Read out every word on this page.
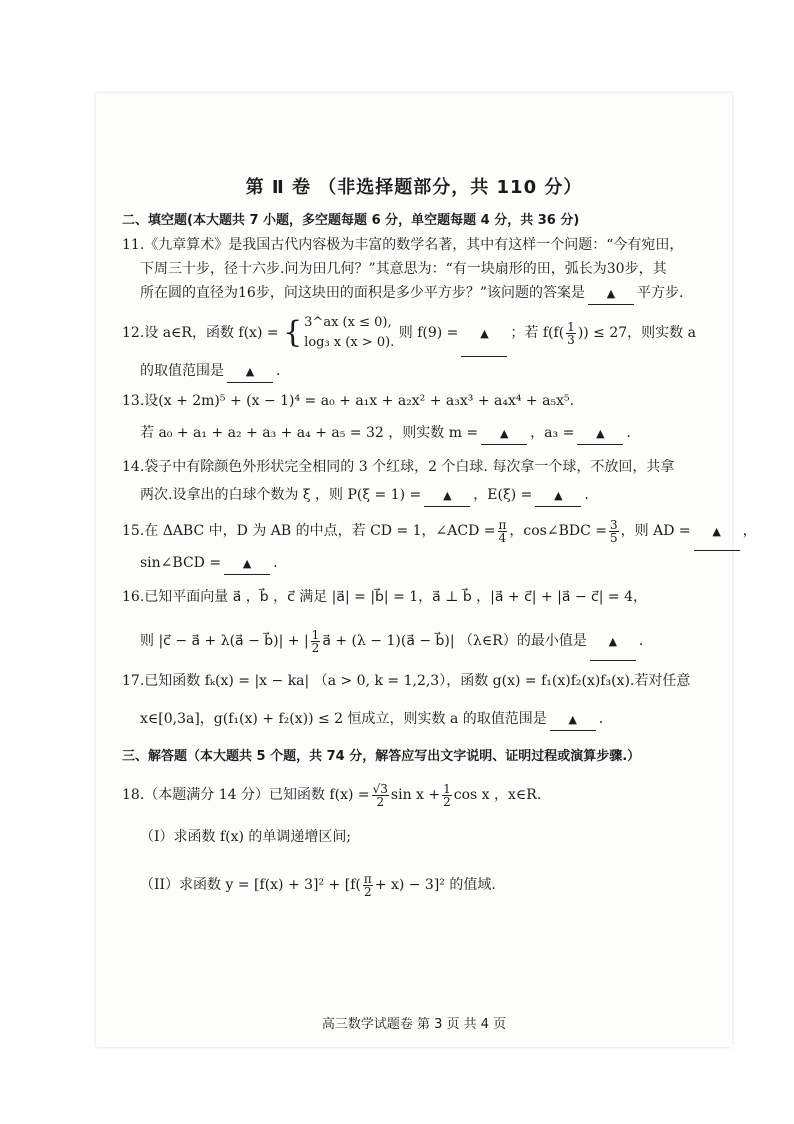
第 Ⅱ 卷 （非选择题部分，共 110 分）
二、填空题(本大题共 7 小题，多空题每题 6 分，单空题每题 4 分，共 36 分)
11.《九章算术》是我国古代内容极为丰富的数学名著，其中有这样一个问题：“今有宛田，
下周三十步，径十六步.问为田几何？”其意思为：“有一块扇形的田，弧长为30步，其
所在圆的直径为16步，问这块田的面积是多少平方步？”该问题的答案是 ▲ 平方步.
12.设 a∈R，函数 f(x) = { 3^ax (x ≤ 0),
log₃ x (x > 0).
则 f(9) = ▲ ；若 $f(f( \frac{1}{3}$ )) ≤ 27，则实数 a
的取值范围是 ▲ .
13.设(x + 2m)⁵ + (x − 1)⁴ = a₀ + a₁x + a₂x² + a₃x³ + a₄x⁴ + a₅x⁵.
若 a₀ + a₁ + a₂ + a₃ + a₄ + a₅ = 32 ，则实数 m = ▲ ，a₃ = ▲ .
14.袋子中有除颜色外形状完全相同的 3 个红球，2 个白球. 每次拿一个球，不放回，共拿
两次.设拿出的白球个数为 ξ ，则 P(ξ = 1) = ▲ ，E(ξ) = ▲ .
15.在 ΔABC 中，D 为 AB 的中点，若 CD = 1，∠ACD = $\frac{\pi}{4}$ ，cos∠BDC = $\frac{3}{5}$ ，则 AD = ▲ ，
sin∠BCD = ▲ .
16.已知平面向量 a⃗ ，b⃗ ，c⃗ 满足 |a⃗| = |b⃗| = 1，a⃗ ⊥ b⃗ ，|a⃗ + c⃗| + |a⃗ − c⃗| = 4，
则 |c⃗ − a⃗ + λ(a⃗ − b⃗)| + | $\frac{1}{2}$ a⃗ + (λ − 1)(a⃗ − b⃗)| （λ∈R）的最小值是 ▲ .
17.已知函数 fₖ(x) = |x − ka| （a > 0, k = 1,2,3），函数 g(x) = f₁(x)f₂(x)f₃(x).若对任意
x∈[0,3a]，g(f₁(x) + f₂(x)) ≤ 2 恒成立，则实数 a 的取值范围是 ▲ .
三、解答题（本大题共 5 个题，共 74 分，解答应写出文字说明、证明过程或演算步骤.）
18.（本题满分 14 分）已知函数 $f(x) = \frac{√3}{2}$ $\sin x + \frac{1}{2}$ cos x ，x∈R.
（I）求函数 f(x) 的单调递增区间;
（II）求函数 $y = [f(x) + 3]^2 + [f( \frac{\pi}{2} + x) - 3]^2$ 的值域.
高三数学试题卷 第 3 页 共 4 页
